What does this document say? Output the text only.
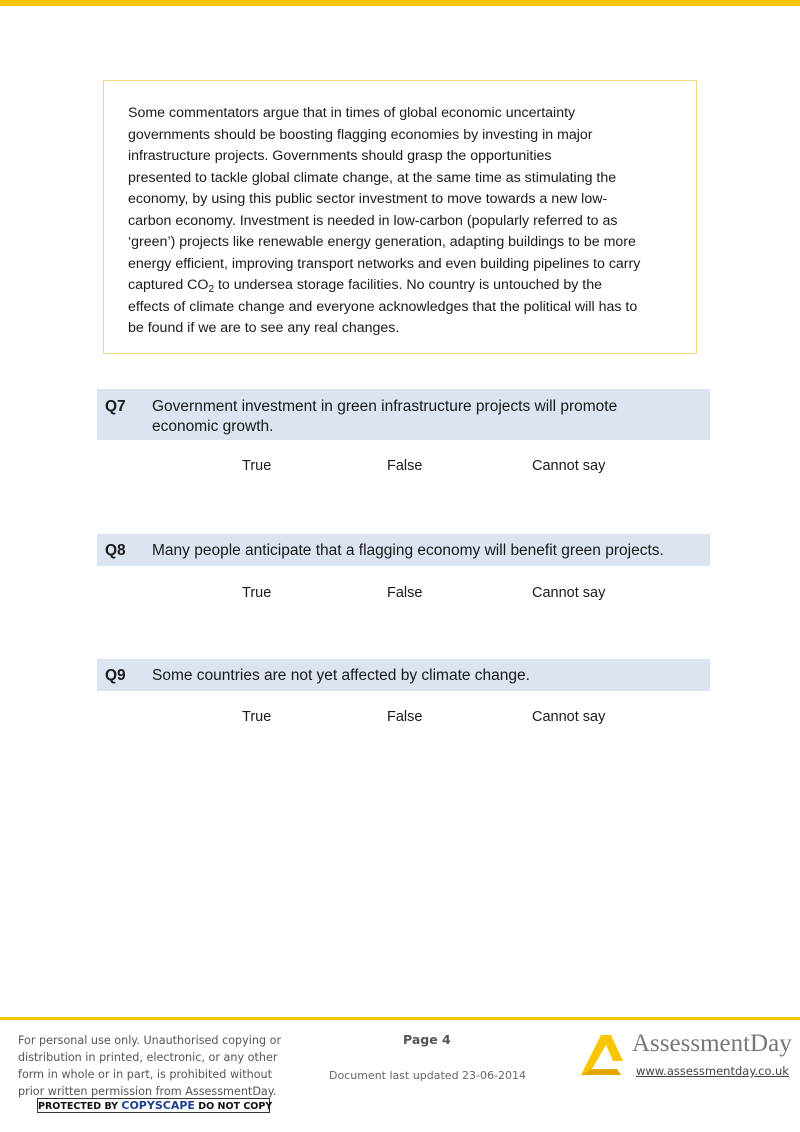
Some commentators argue that in times of global economic uncertainty
governments should be boosting flagging economies by investing in major
infrastructure projects. Governments should grasp the opportunities
presented to tackle global climate change, at the same time as stimulating the
economy, by using this public sector investment to move towards a new low-
carbon economy. Investment is needed in low-carbon (popularly referred to as
‘green’) projects like renewable energy generation, adapting buildings to be more
energy efficient, improving transport networks and even building pipelines to carry
captured $CO_2$ to undersea storage facilities. No country is untouched by the
effects of climate change and everyone acknowledges that the political will has to
be found if we are to see any real changes.
Q7 Government investment in green infrastructure projects will promote
economic growth.
True	False	Cannot say
Q8 Many people anticipate that a flagging economy will benefit green projects.
True	False	Cannot say
Q9 Some countries are not yet affected by climate change.
True	False	Cannot say
For personal use only. Unauthorised copying or
distribution in printed, electronic, or any other
form in whole or in part, is prohibited without
prior written permission from AssessmentDay.
PROTECTED BY COPYSCAPE DO NOT COPY
Page 4
Document last updated 23-06-2014
AssessmentDay
www.assessmentday.co.uk
